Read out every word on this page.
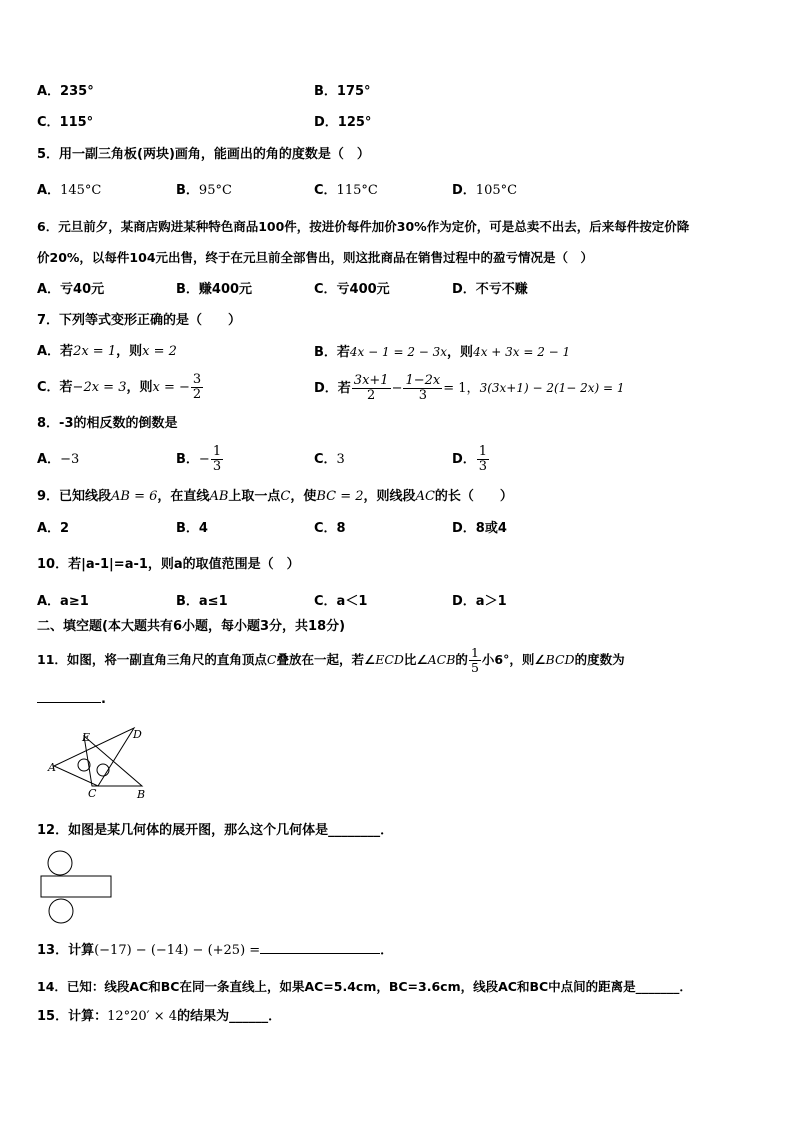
A．235°	B．175°
C．115°	D．125°
5．用一副三角板(两块)画角，能画出的角的度数是（　）
A．145°C	B．95°C	C．115°C	D．105°C
6．元旦前夕，某商店购进某种特色商品100件，按进价每件加价30%作为定价，可是总卖不出去，后来每件按定价降
价20%，以每件104元出售，终于在元旦前全部售出，则这批商品在销售过程中的盈亏情况是（　）
A．亏40元	B．赚400元	C．亏400元	D．不亏不赚
7．下列等式变形正确的是（　　）
A．若2x = 1，则x = 2	B．若4x − 1 = 2 − 3x，则4x + 3x = 2 − 1
C．若−2x = 3，则x = − $\frac{3}{2}$	D．若 $\frac{3x+1}{2} - \frac{1-2x}{3} = 1$，3(3x+1) − 2(1− 2x) = 1
8．-3的相反数的倒数是
A．−3	B．− $\frac{1}{3}$	C．3	D． $\frac{1}{3}$
9．已知线段AB = 6，在直线AB上取一点C，使BC = 2，则线段AC的长（　　）
A．2	B．4	C．8	D．8或4
10．若|a-1|=a-1，则a的取值范围是（　）
A．a≥1	B．a≤1	C．a＜1	D．a＞1
二、填空题(本大题共有6小题，每小题3分，共18分)
11．如图，将一副直角三角尺的直角顶点C叠放在一起，若∠ECD比∠ACB的 $\frac{1}{5}$ 小6°，则∠BCD的度数为
.
A
E	D
C	B
12．如图是某几何体的展开图，那么这个几何体是________．
13．计算(−17) − (−14) − (+25) =	．
14．已知：线段AC和BC在同一条直线上，如果AC=5.4cm，BC=3.6cm，线段AC和BC中点间的距离是_______．
15．计算：12°20′ × 4的结果为______．
